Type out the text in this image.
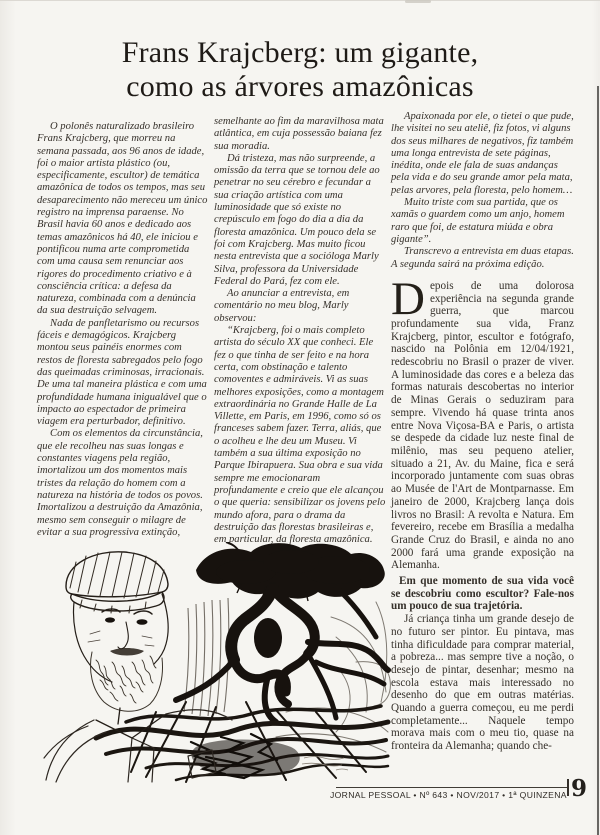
Frans Krajcberg: um gigante,
como as árvores amazônicas

O polonês naturalizado brasileiro Frans Krajcberg, que morreu na semana passada, aos 96 anos de idade, foi o maior artista plástico (ou, especificamente, escultor) de temática amazônica de todos os tempos, mas seu desaparecimento não mereceu um único registro na imprensa paraense. No Brasil havia 60 anos e dedicado aos temas amazônicos há 40, ele iniciou e pontificou numa arte comprometida com uma causa sem renunciar aos rigores do procedimento criativo e à consciência crítica: a defesa da natureza, combinada com a denúncia da sua destruição selvagem.

Nada de panfletarismo ou recursos fáceis e demagógicos. Krajcberg montou seus painéis enormes com restos de floresta sabregados pelo fogo das queimadas criminosas, irracionais. De uma tal maneira plástica e com uma profundidade humana inigualável que o impacto ao espectador de primeira viagem era perturbador, definitivo.

Com os elementos da circunstância, que ele recolheu nas suas longas e constantes viagens pela região, imortalizou um dos momentos mais tristes da relação do homem com a natureza na história de todos os povos. Imortalizou a destruição da Amazônia, mesmo sem conseguir o milagre de evitar a sua progressiva extinção,

semelhante ao fim da maravilhosa mata atlântica, em cuja possessão baiana fez sua moradia.

Dá tristeza, mas não surpreende, a omissão da terra que se tornou dele ao penetrar no seu cérebro e fecundar a sua criação artística com uma luminosidade que só existe no crepúsculo em fogo do dia a dia da floresta amazônica. Um pouco dela se foi com Krajcberg. Mas muito ficou nesta entrevista que a socióloga Marly Silva, professora da Universidade Federal do Pará, fez com ele.

Ao anunciar a entrevista, em comentário no meu blog, Marly observou:

“Krajcberg, foi o mais completo artista do século XX que conheci. Ele fez o que tinha de ser feito e na hora certa, com obstinação e talento comoventes e admiráveis. Vi as suas melhores exposições, como a montagem extraordinária no Grande Halle de La Villette, em Paris, em 1996, como só os franceses sabem fazer. Terra, aliás, que o acolheu e lhe deu um Museu. Vi também a sua última exposição no Parque Ibirapuera. Sua obra e sua vida sempre me emocionaram profundamente e creio que ele alcançou o que queria: sensibilizar os jovens pelo mundo afora, para o drama da destruição das florestas brasileiras e, em particular, da floresta amazônica.

Apaixonada por ele, o tietei o que pude, lhe visitei no seu ateliê, fiz fotos, vi alguns dos seus milhares de negativos, fiz também uma longa entrevista de sete páginas, inédita, onde ele fala de suas andanças pela vida e do seu grande amor pela mata, pelas arvores, pela floresta, pelo homem…

Muito triste com sua partida, que os xamãs o guardem como um anjo, homem raro que foi, de estatura miúda e obra gigante”.

Transcrevo a entrevista em duas etapas. A segunda sairá na próxima edição.

Depois de uma dolorosa experiência na segunda grande guerra, que marcou profundamente sua vida, Franz Krajcberg, pintor, escultor e fotógrafo, nascido na Polônia em 12/04/1921, redescobriu no Brasil o prazer de viver. A luminosidade das cores e a beleza das formas naturais descobertas no interior de Minas Gerais o seduziram para sempre. Vivendo há quase trinta anos entre Nova Viçosa-BA e Paris, o artista se despede da cidade luz neste final de milênio, mas seu pequeno atelier, situado a 21, Av. du Maine, fica e será incorporado juntamente com suas obras ao Musée de l'Art de Montparnasse. Em janeiro de 2000, Krajcberg lança dois livros no Brasil: A revolta e Natura. Em fevereiro, recebe em Brasília a medalha Grande Cruz do Brasil, e ainda no ano 2000 fará uma grande exposição na Alemanha.

Em que momento de sua vida você se descobriu como escultor? Fale-nos um pouco de sua trajetória.

Já criança tinha um grande desejo de no futuro ser pintor. Eu pintava, mas tinha dificuldade para comprar material, a pobreza... mas sempre tive a noção, o desejo de pintar, desenhar; mesmo na escola estava mais interessado no desenho do que em outras matérias. Quando a guerra começou, eu me perdi completamente... Naquele tempo morava mais com o meu tio, quase na fronteira da Alemanha; quando che-

JORNAL PESSOAL • Nº 643 • NOV/2017 • 1ª QUINZENA 9
